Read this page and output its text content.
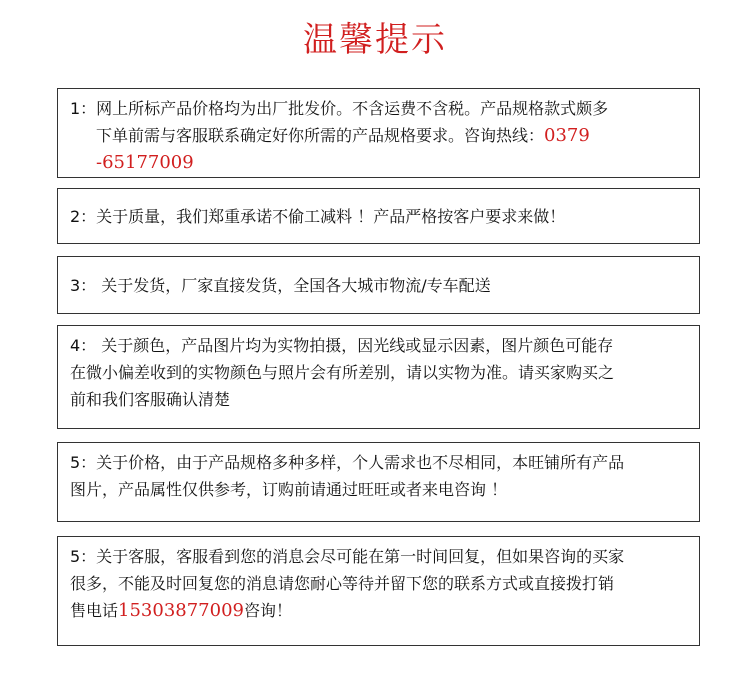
温馨提示
1：网上所标产品价格均为出厂批发价。不含运费不含税。产品规格款式颇多
下单前需与客服联系确定好你所需的产品规格要求。咨询热线：0379
-65177009
2：关于质量，我们郑重承诺不偷工减料 ！产品严格按客户要求来做！
3： 关于发货，厂家直接发货，全国各大城市物流/专车配送
4： 关于颜色，产品图片均为实物拍摄，因光线或显示因素，图片颜色可能存
在微小偏差收到的实物颜色与照片会有所差别，请以实物为准。请买家购买之
前和我们客服确认清楚
5：关于价格，由于产品规格多种多样，个人需求也不尽相同，本旺铺所有产品
图片，产品属性仅供参考，订购前请通过旺旺或者来电咨询 ！
5：关于客服，客服看到您的消息会尽可能在第一时间回复，但如果咨询的买家
很多，不能及时回复您的消息请您耐心等待并留下您的联系方式或直接拨打销
售电话15303877009咨询！
